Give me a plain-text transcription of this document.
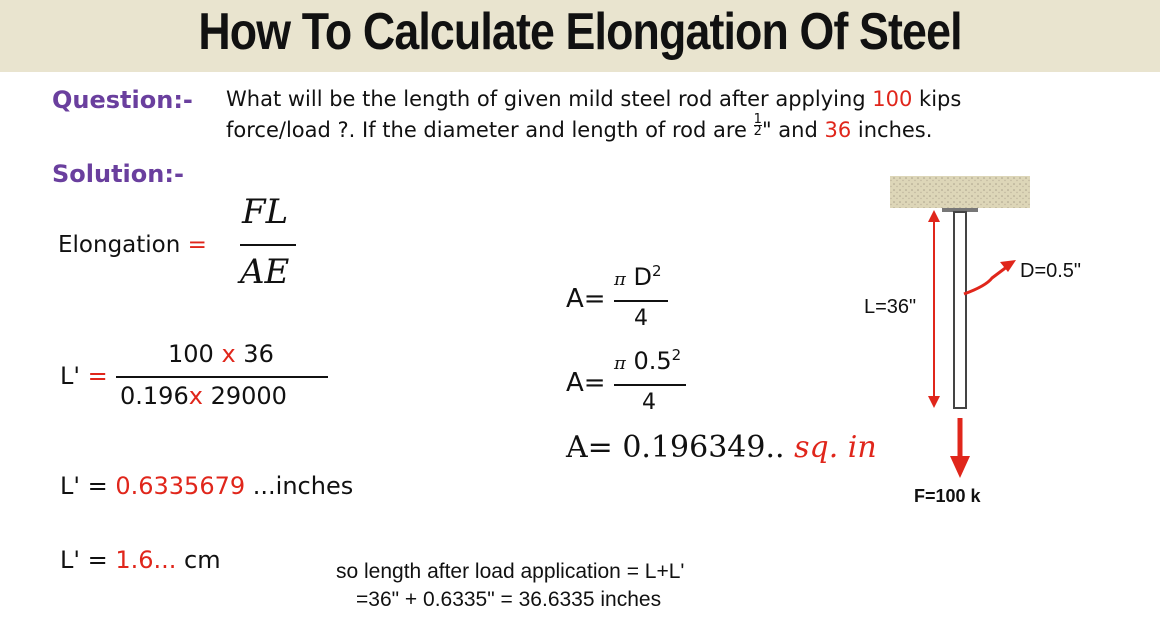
How To Calculate Elongation Of Steel
Question:- What will be the length of given mild steel rod after applying 100 kips
force/load ?. If the diameter and length of rod are $\frac{1}{2}$ " and 36 inches.
Solution:-
Elongation =
FL
AE
L' =
100 x 36
0.196x 29000
L' = 0.6335679 ...inches
L' = 1.6... cm
A=
π $D^2$
4
A=
π $0.5^2$
4
A= 0.196349.. sq. in
L=36"
D=0.5"
F=100 k
so length after load application = L+L'
=36" + 0.6335" = 36.6335 inches
